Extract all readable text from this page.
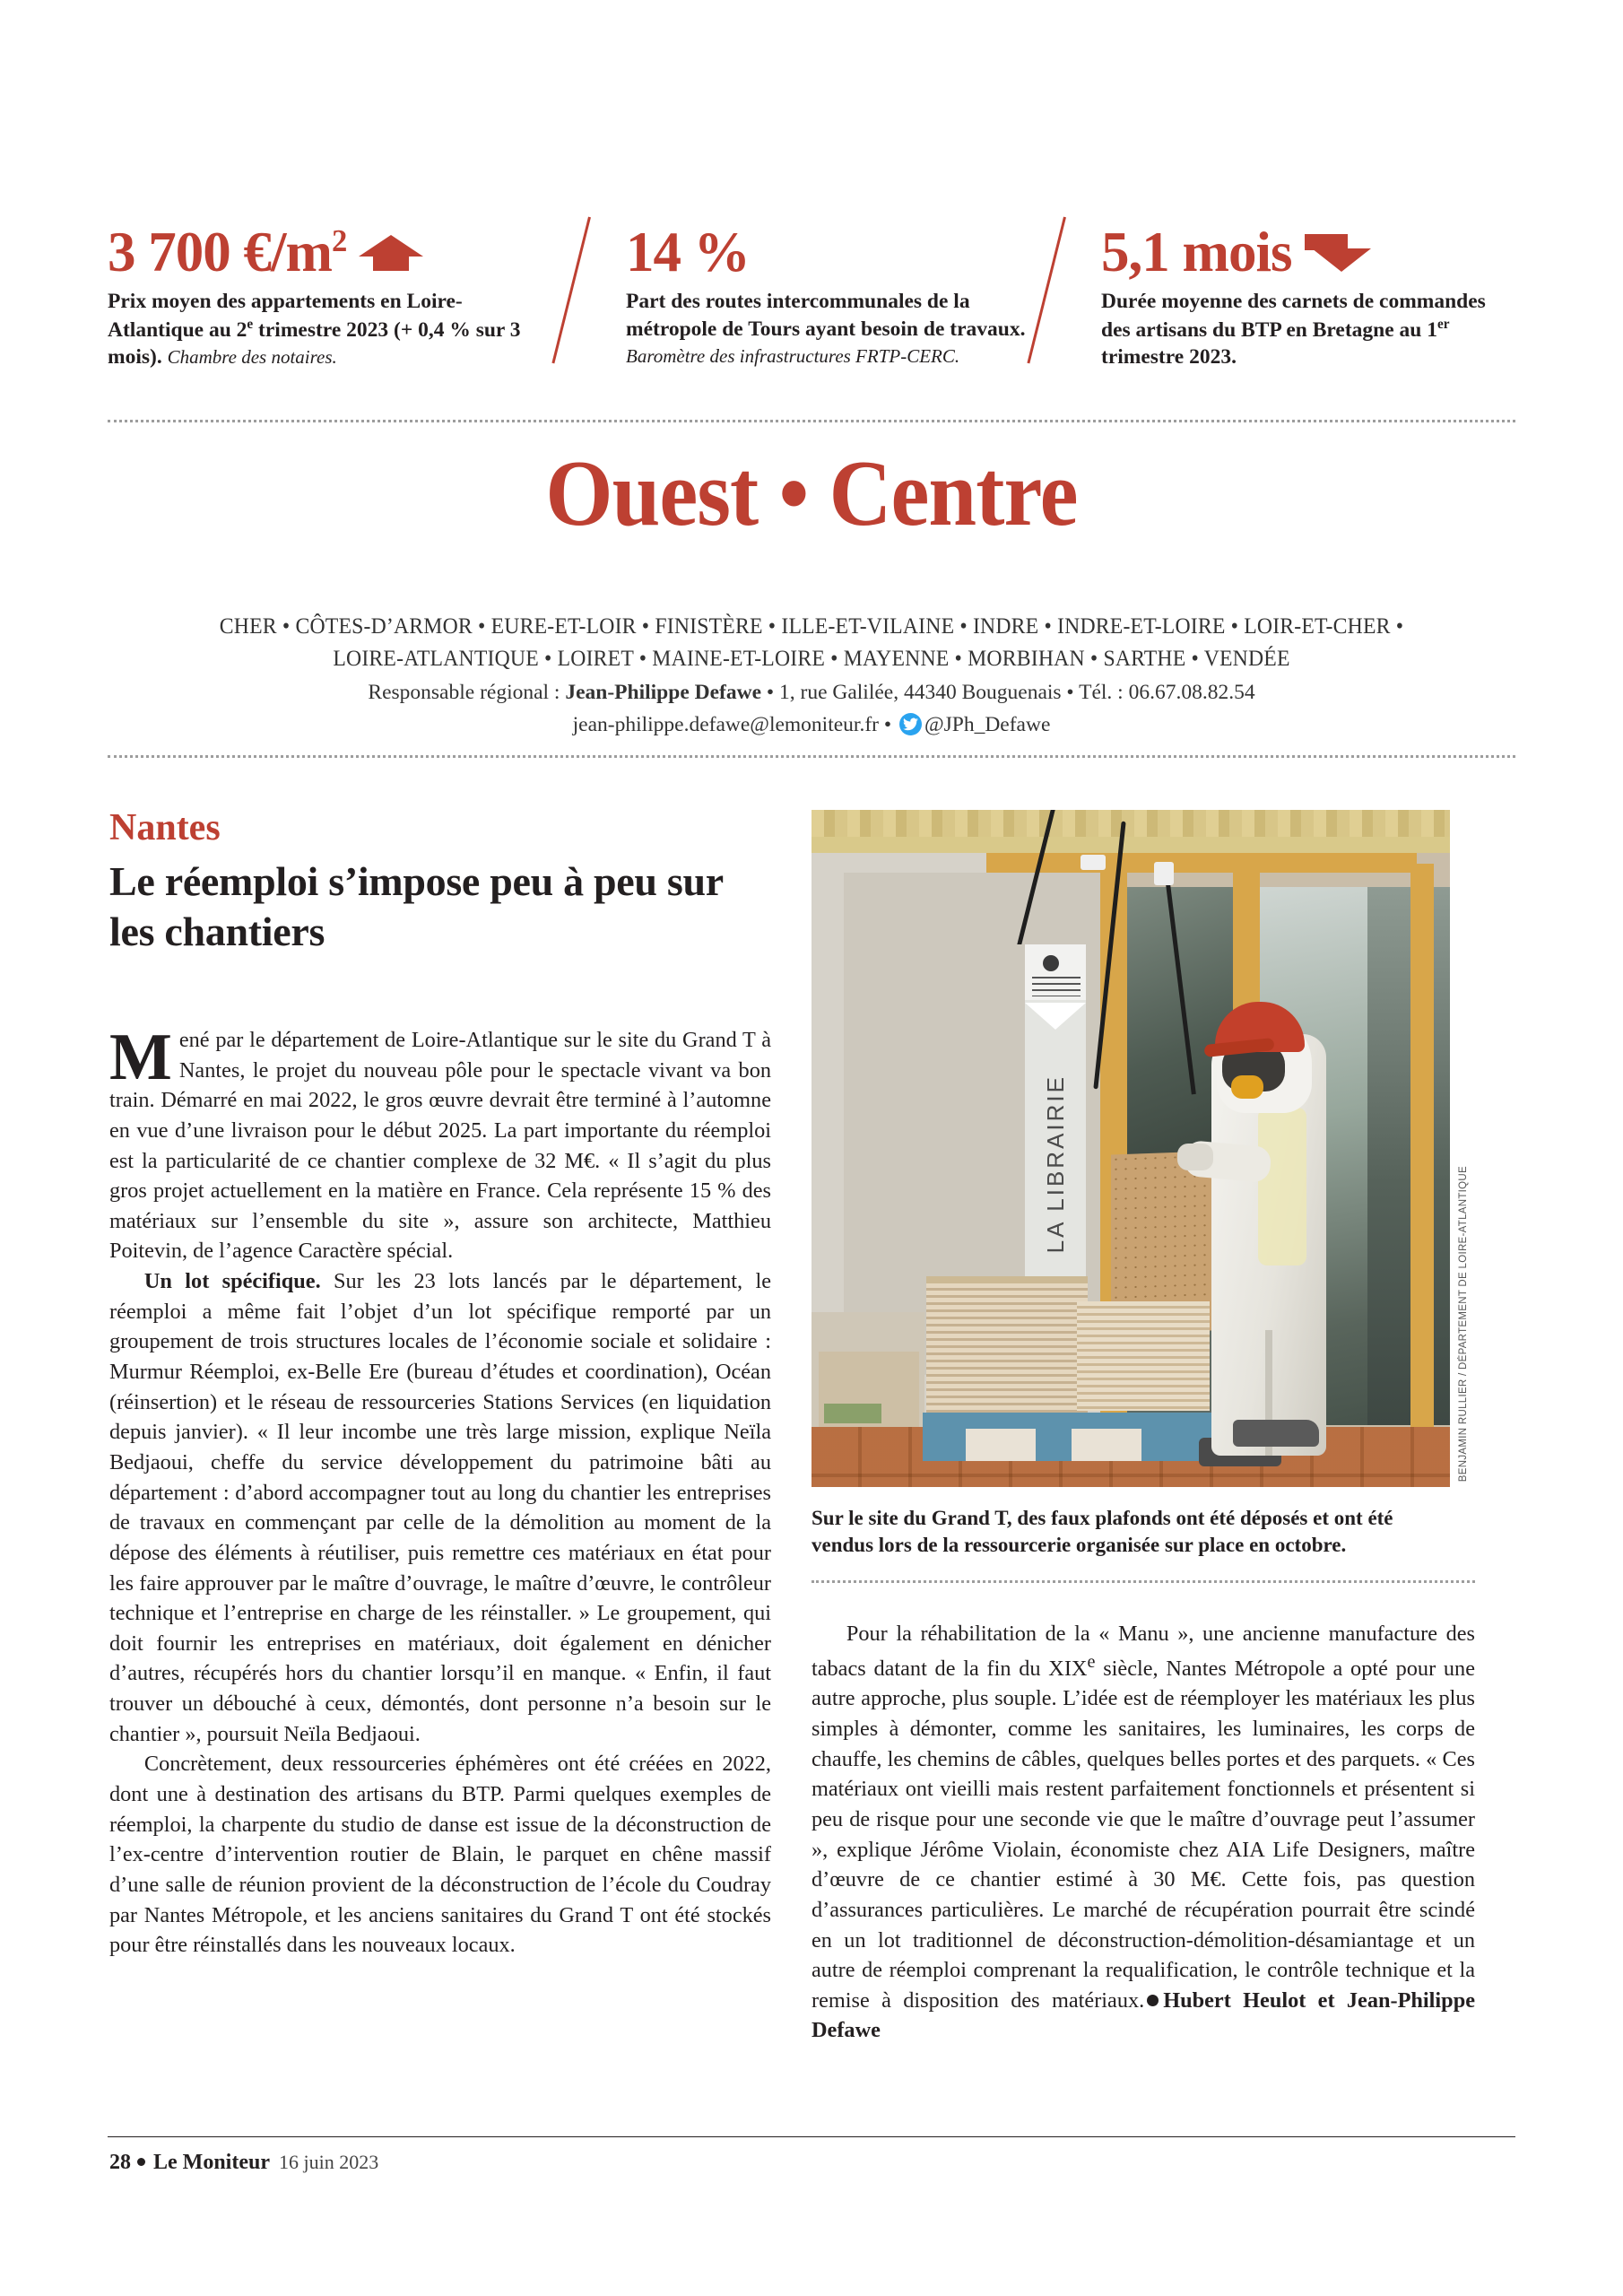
3 700 $€/m^2$
Prix moyen des appartements en Loire-Atlantique au 2e trimestre 2023 (+ 0,4 % sur 3 mois). Chambre des notaires.
14 %
Part des routes intercommunales de la métropole de Tours ayant besoin de travaux. Baromètre des infrastructures FRTP-CERC.
5,1 mois
Durée moyenne des carnets de commandes des artisans du BTP en Bretagne au 1er trimestre 2023.
Ouest • Centre
CHER • CÔTES-D’ARMOR • EURE-ET-LOIR • FINISTÈRE • ILLE-ET-VILAINE • INDRE • INDRE-ET-LOIRE • LOIR-ET-CHER • LOIRE-ATLANTIQUE • LOIRET • MAINE-ET-LOIRE • MAYENNE • MORBIHAN • SARTHE • VENDÉE
Responsable régional : Jean-Philippe Defawe • 1, rue Galilée, 44340 Bouguenais • Tél. : 06.67.08.82.54
jean-philippe.defawe@lemoniteur.fr •
@JPh_Defawe
Nantes
Le réemploi s’impose peu à peu sur les chantiers

Mené par le département de Loire-Atlantique sur le site du Grand T à Nantes, le projet du nouveau pôle pour le spectacle vivant va bon train. Démarré en mai 2022, le gros œuvre devrait être terminé à l’automne en vue d’une livraison pour le début 2025. La part importante du réemploi est la particularité de ce chantier complexe de 32 M€. « Il s’agit du plus gros projet actuellement en la matière en France. Cela représente 15 % des matériaux sur l’ensemble du site », assure son architecte, Matthieu Poitevin, de l’agence Caractère spécial.

Un lot spécifique. Sur les 23 lots lancés par le département, le réemploi a même fait l’objet d’un lot spécifique remporté par un groupement de trois structures locales de l’économie sociale et solidaire : Murmur Réemploi, ex-Belle Ere (bureau d’études et coordination), Océan (réinsertion) et le réseau de ressourceries Stations Services (en liquidation depuis janvier). « Il leur incombe une très large mission, explique Neïla Bedjaoui, cheffe du service développement du patrimoine bâti au département : d’abord accompagner tout au long du chantier les entreprises de travaux en commençant par celle de la démolition au moment de la dépose des éléments à réutiliser, puis remettre ces matériaux en état pour les faire approuver par le maître d’ouvrage, le maître d’œuvre, le contrôleur technique et l’entreprise en charge de les réinstaller. » Le groupement, qui doit fournir les entreprises en matériaux, doit également en dénicher d’autres, récupérés hors du chantier lorsqu’il en manque. « Enfin, il faut trouver un débouché à ceux, démontés, dont personne n’a besoin sur le chantier », poursuit Neïla Bedjaoui.

Concrètement, deux ressourceries éphémères ont été créées en 2022, dont une à destination des artisans du BTP. Parmi quelques exemples de réemploi, la charpente du studio de danse est issue de la déconstruction de l’ex-centre d’intervention routier de Blain, le parquet en chêne massif d’une salle de réunion provient de la déconstruction de l’école du Coudray par Nantes Métropole, et les anciens sanitaires du Grand T ont été stockés pour être réinstallés dans les nouveaux locaux.

LA LIBRAIRIE
BENJAMIN RULLIER / DÉPARTEMENT DE LOIRE-ATLANTIQUE
Sur le site du Grand T, des faux plafonds ont été déposés et ont été vendus lors de la ressourcerie organisée sur place en octobre.

Pour la réhabilitation de la « Manu », une ancienne manufacture des tabacs datant de la fin du XIXe siècle, Nantes Métropole a opté pour une autre approche, plus souple. L’idée est de réemployer les matériaux les plus simples à démonter, comme les sanitaires, les luminaires, les corps de chauffe, les chemins de câbles, quelques belles portes et des parquets. « Ces matériaux ont vieilli mais restent parfaitement fonctionnels et présentent si peu de risque pour une seconde vie que le maître d’ouvrage peut l’assumer », explique Jérôme Violain, économiste chez AIA Life Designers, maître d’œuvre de ce chantier estimé à 30 M€. Cette fois, pas question d’assurances particulières. Le marché de récupération pourrait être scindé en un lot traditionnel de déconstruction-démolition-désamiantage et un autre de réemploi comprenant la requalification, le contrôle technique et la remise à disposition des matériaux. Hubert Heulot et Jean-Philippe Defawe

28 Le Moniteur 16 juin 2023
